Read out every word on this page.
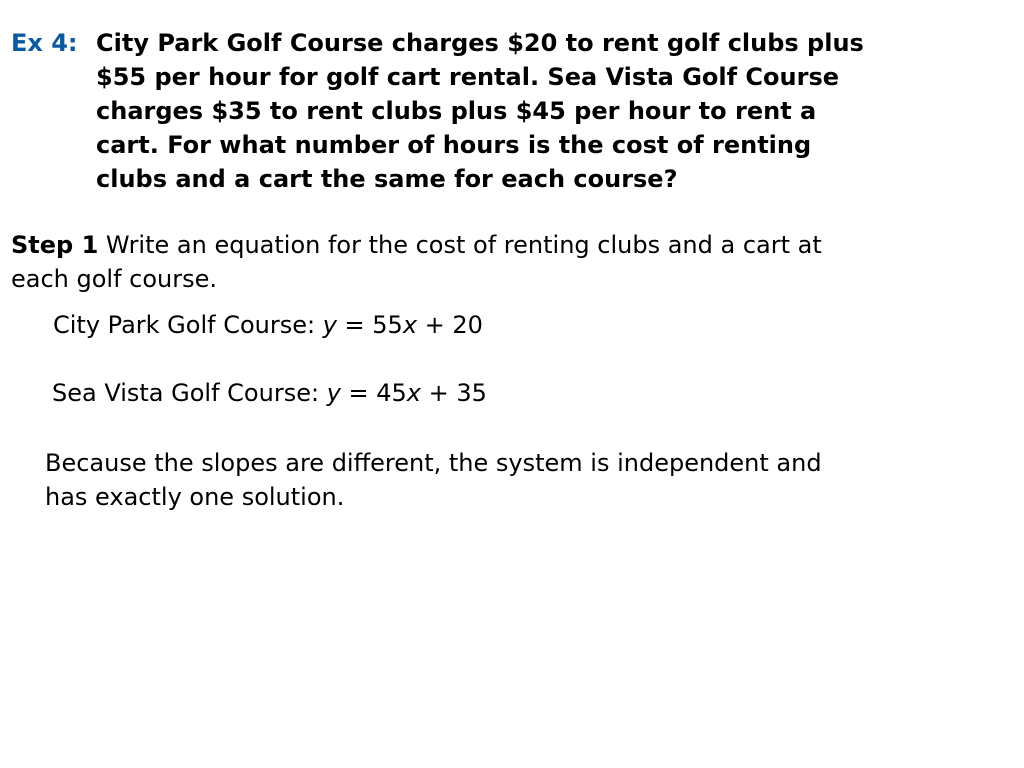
Ex 4: City Park Golf Course charges $20 to rent golf clubs plus
$55 per hour for golf cart rental. Sea Vista Golf Course
charges $35 to rent clubs plus $45 per hour to rent a
cart. For what number of hours is the cost of renting
clubs and a cart the same for each course?
Step 1 Write an equation for the cost of renting clubs and a cart at
each golf course.
City Park Golf Course: y = 55x + 20
Sea Vista Golf Course: y = 45x + 35
Because the slopes are different, the system is independent and
has exactly one solution.
